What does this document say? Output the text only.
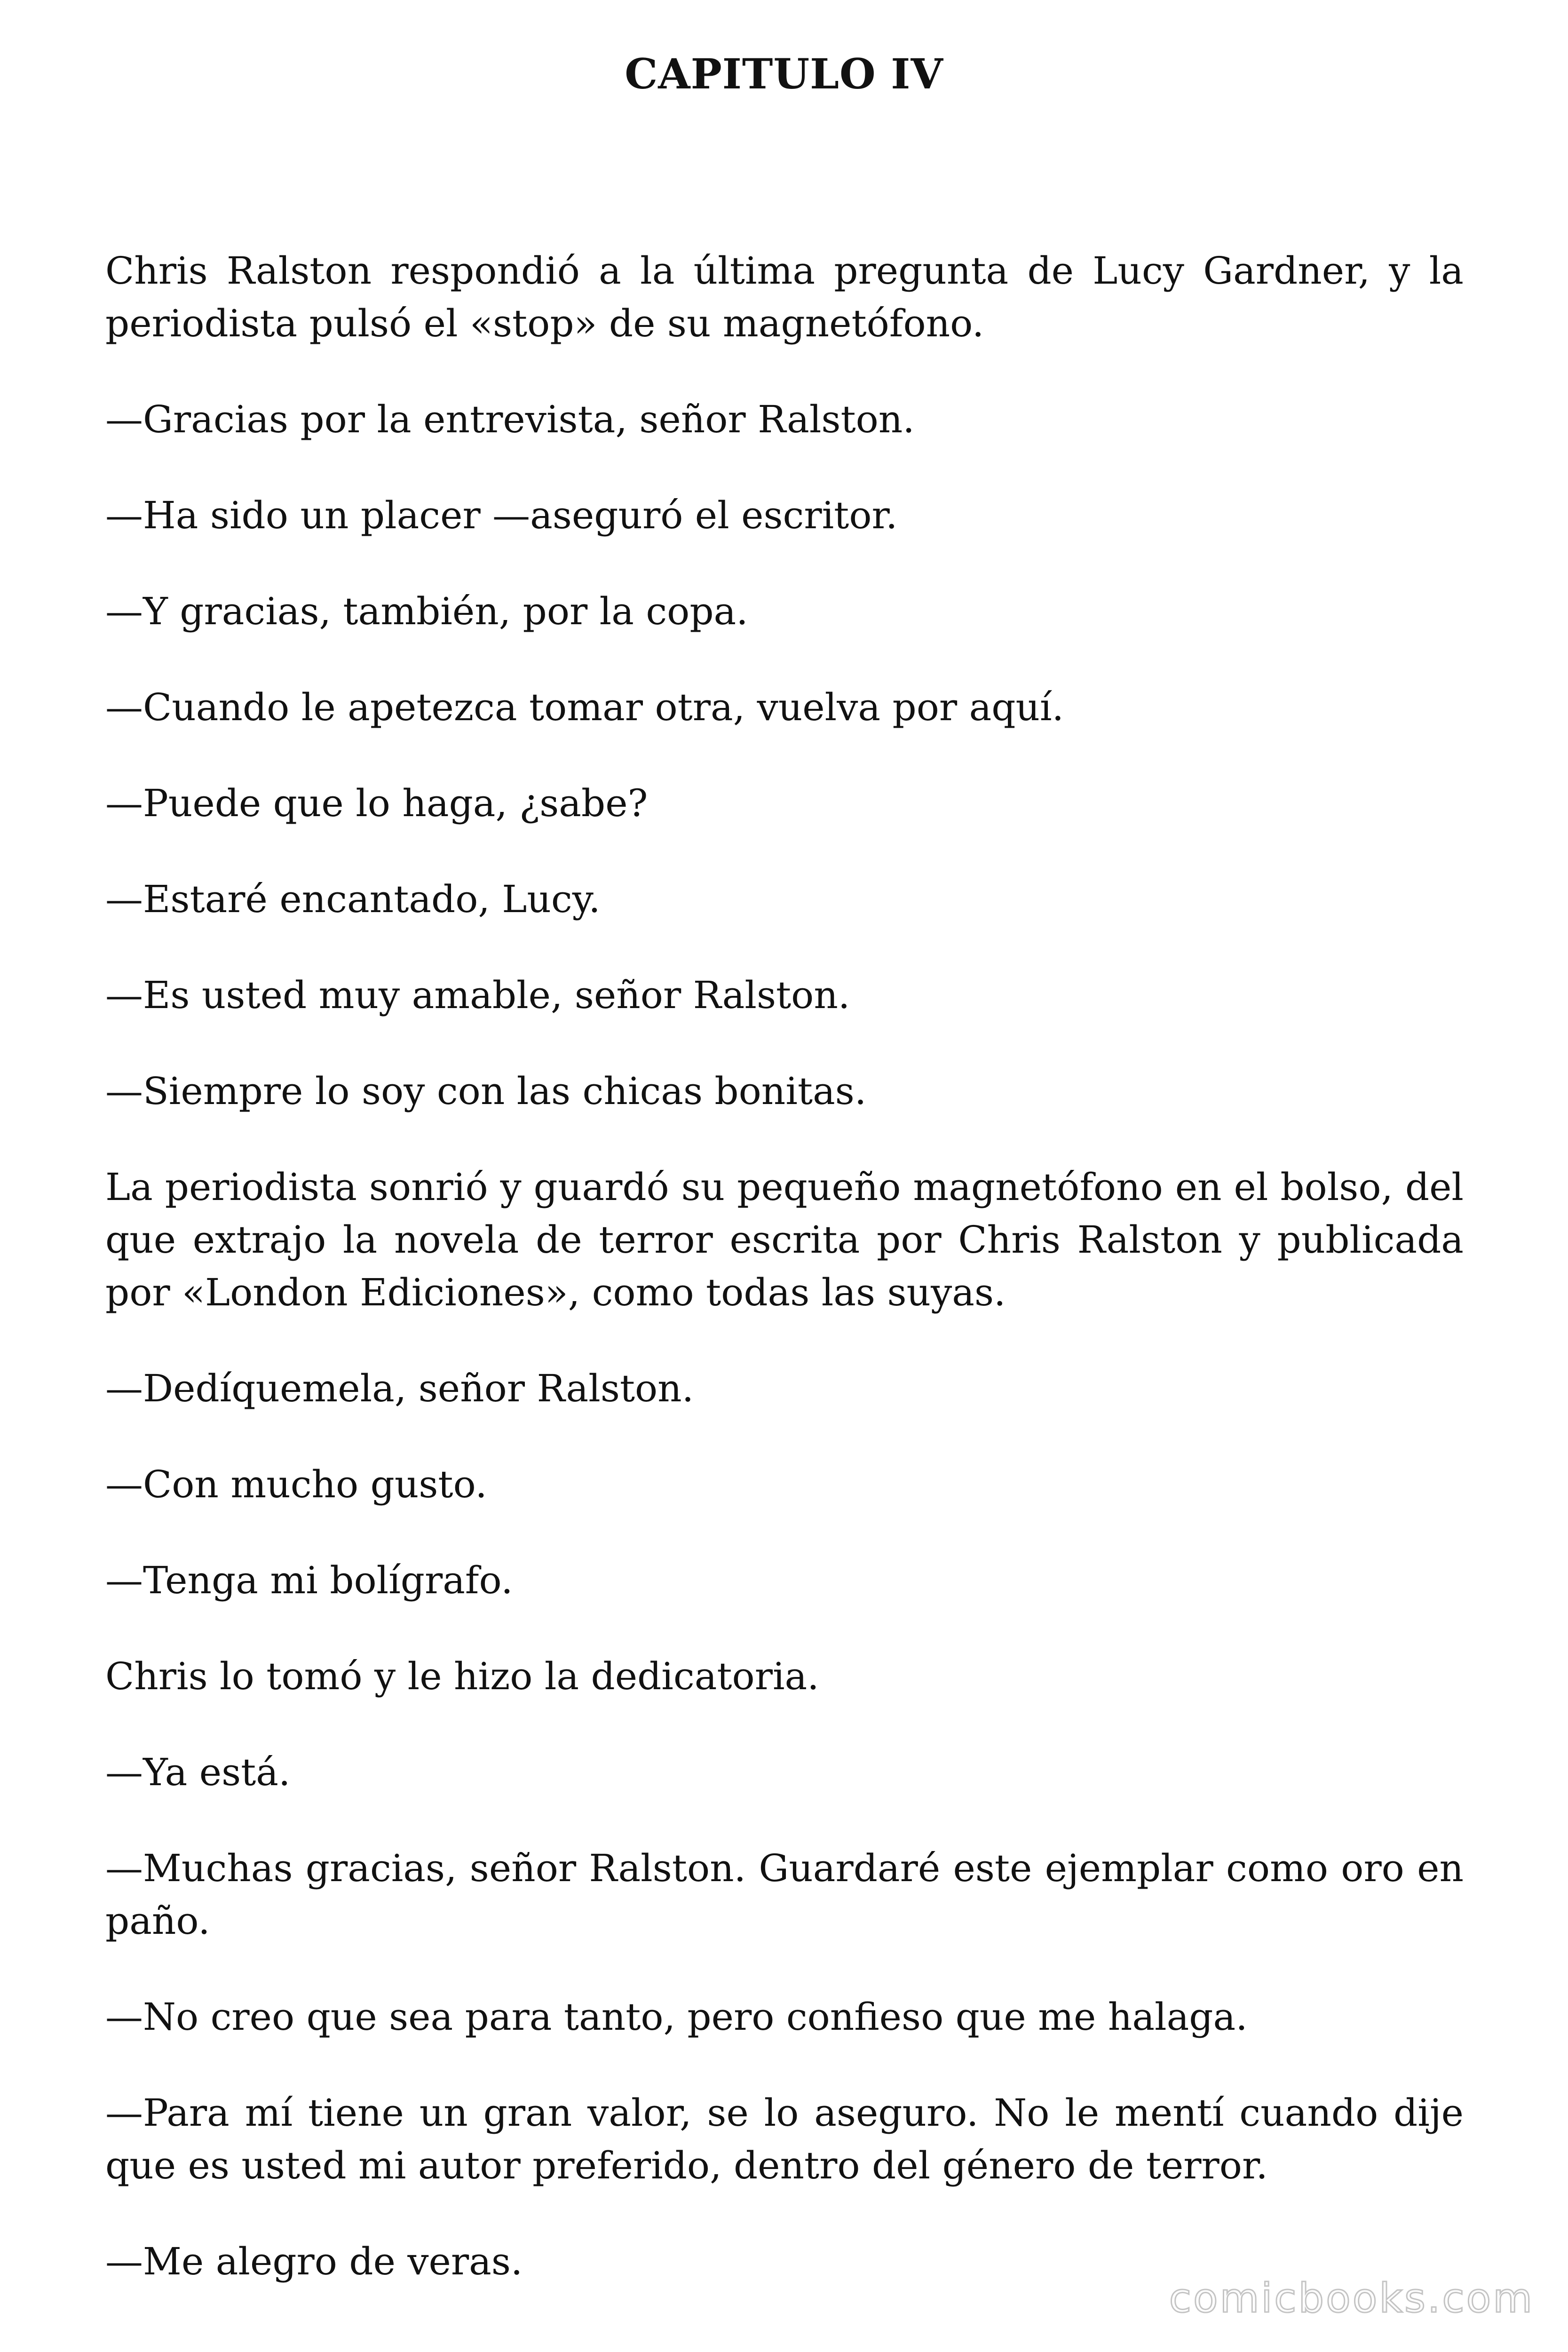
CAPITULO IV

Chris Ralston respondió a la última pregunta de Lucy Gardner, y la periodista pulsó el «stop» de su magnetófono.

—Gracias por la entrevista, señor Ralston.

—Ha sido un placer —aseguró el escritor.

—Y gracias, también, por la copa.

—Cuando le apetezca tomar otra, vuelva por aquí.

—Puede que lo haga, ¿sabe?

—Estaré encantado, Lucy.

—Es usted muy amable, señor Ralston.

—Siempre lo soy con las chicas bonitas.

La periodista sonrió y guardó su pequeño magnetófono en el bolso, del que extrajo la novela de terror escrita por Chris Ralston y publicada por «London Ediciones», como todas las suyas.

—Dedíquemela, señor Ralston.

—Con mucho gusto.

—Tenga mi bolígrafo.

Chris lo tomó y le hizo la dedicatoria.

—Ya está.

—Muchas gracias, señor Ralston. Guardaré este ejemplar como oro en paño.

—No creo que sea para tanto, pero confieso que me halaga.

—Para mí tiene un gran valor, se lo aseguro. No le mentí cuando dije que es usted mi autor preferido, dentro del género de terror.

—Me alegro de veras.

comicbooks.com
